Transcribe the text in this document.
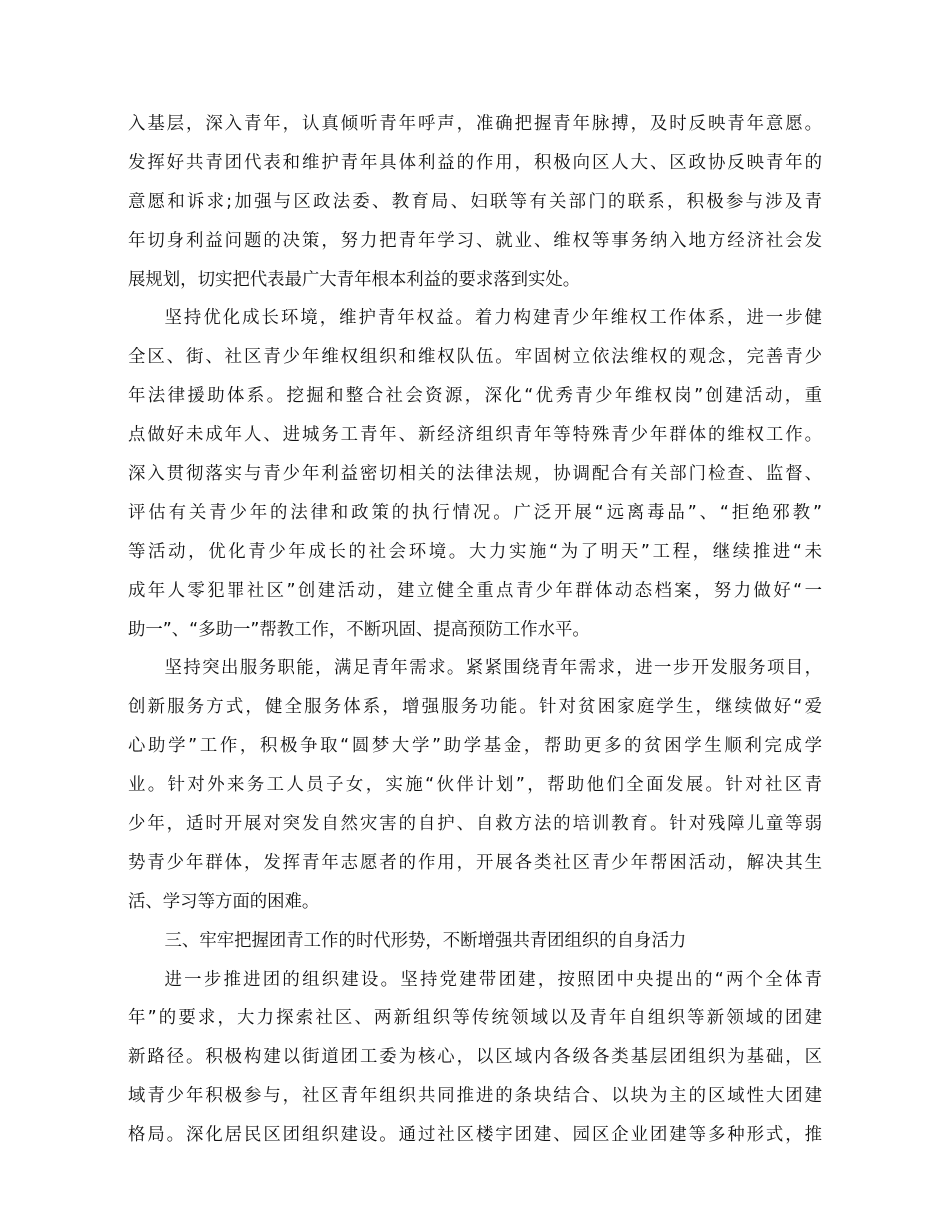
入基层，深入青年，认真倾听青年呼声，准确把握青年脉搏，及时反映青年意愿。
发挥好共青团代表和维护青年具体利益的作用，积极向区人大、区政协反映青年的
意愿和诉求;加强与区政法委、教育局、妇联等有关部门的联系，积极参与涉及青
年切身利益问题的决策，努力把青年学习、就业、维权等事务纳入地方经济社会发
展规划，切实把代表最广大青年根本利益的要求落到实处。
坚持优化成长环境，维护青年权益。着力构建青少年维权工作体系，进一步健
全区、街、社区青少年维权组织和维权队伍。牢固树立依法维权的观念，完善青少
年法律援助体系。挖掘和整合社会资源，深化“优秀青少年维权岗”创建活动，重
点做好未成年人、进城务工青年、新经济组织青年等特殊青少年群体的维权工作。
深入贯彻落实与青少年利益密切相关的法律法规，协调配合有关部门检查、监督、
评估有关青少年的法律和政策的执行情况。广泛开展“远离毒品”、“拒绝邪教”
等活动，优化青少年成长的社会环境。大力实施“为了明天”工程，继续推进“未
成年人零犯罪社区”创建活动，建立健全重点青少年群体动态档案，努力做好“一
助一”、“多助一”帮教工作，不断巩固、提高预防工作水平。
坚持突出服务职能，满足青年需求。紧紧围绕青年需求，进一步开发服务项目，
创新服务方式，健全服务体系，增强服务功能。针对贫困家庭学生，继续做好“爱
心助学”工作，积极争取“圆梦大学”助学基金，帮助更多的贫困学生顺利完成学
业。针对外来务工人员子女，实施“伙伴计划”，帮助他们全面发展。针对社区青
少年，适时开展对突发自然灾害的自护、自救方法的培训教育。针对残障儿童等弱
势青少年群体，发挥青年志愿者的作用，开展各类社区青少年帮困活动，解决其生
活、学习等方面的困难。
三、牢牢把握团青工作的时代形势，不断增强共青团组织的自身活力
进一步推进团的组织建设。坚持党建带团建，按照团中央提出的“两个全体青
年”的要求，大力探索社区、两新组织等传统领域以及青年自组织等新领域的团建
新路径。积极构建以街道团工委为核心，以区域内各级各类基层团组织为基础，区
域青少年积极参与，社区青年组织共同推进的条块结合、以块为主的区域性大团建
格局。深化居民区团组织建设。通过社区楼宇团建、园区企业团建等多种形式，推
